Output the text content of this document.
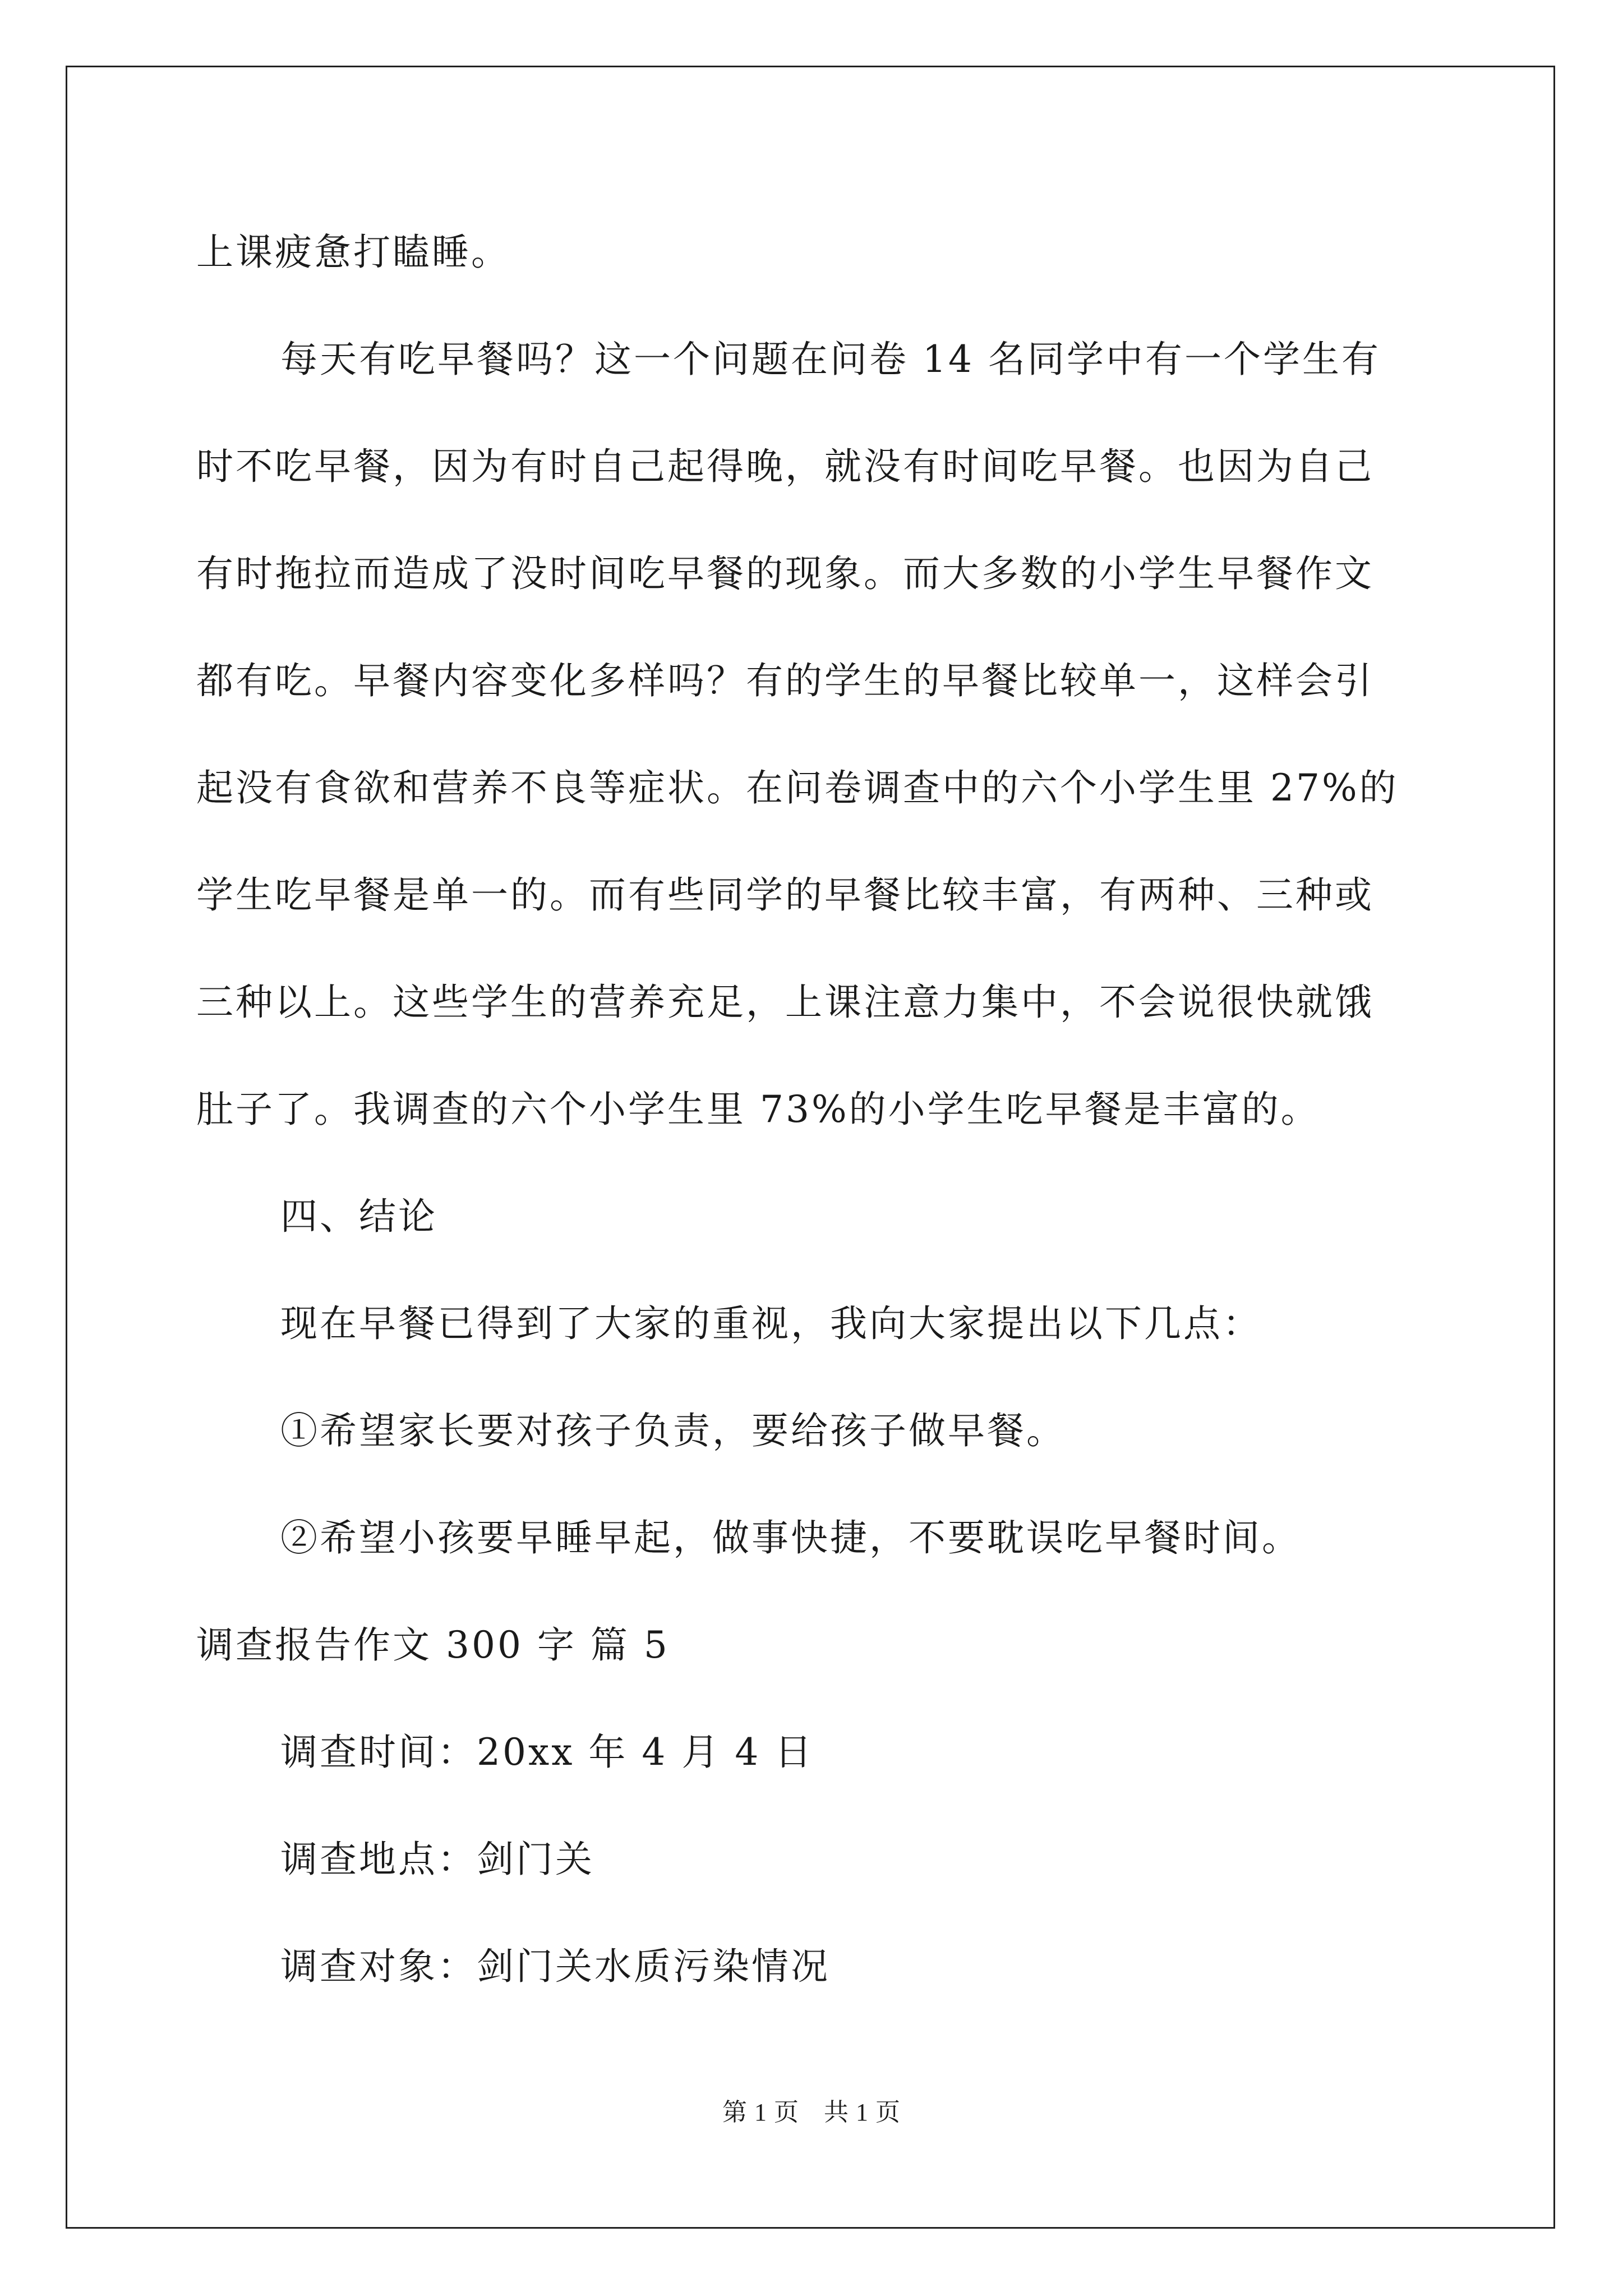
上课疲惫打瞌睡。
每天有吃早餐吗？这一个问题在问卷 14 名同学中有一个学生有
时不吃早餐，因为有时自己起得晚，就没有时间吃早餐。也因为自己
有时拖拉而造成了没时间吃早餐的现象。而大多数的小学生早餐作文
都有吃。早餐内容变化多样吗？有的学生的早餐比较单一，这样会引
起没有食欲和营养不良等症状。在问卷调查中的六个小学生里 27%的
学生吃早餐是单一的。而有些同学的早餐比较丰富，有两种、三种或
三种以上。这些学生的营养充足，上课注意力集中，不会说很快就饿
肚子了。我调查的六个小学生里 73%的小学生吃早餐是丰富的。
四、结论
现在早餐已得到了大家的重视，我向大家提出以下几点：
①希望家长要对孩子负责，要给孩子做早餐。
②希望小孩要早睡早起，做事快捷，不要耽误吃早餐时间。
调查报告作文 300 字 篇 5
调查时间：20xx 年 4 月 4 日
调查地点：剑门关
调查对象：剑门关水质污染情况
第 1 页 共 1 页
